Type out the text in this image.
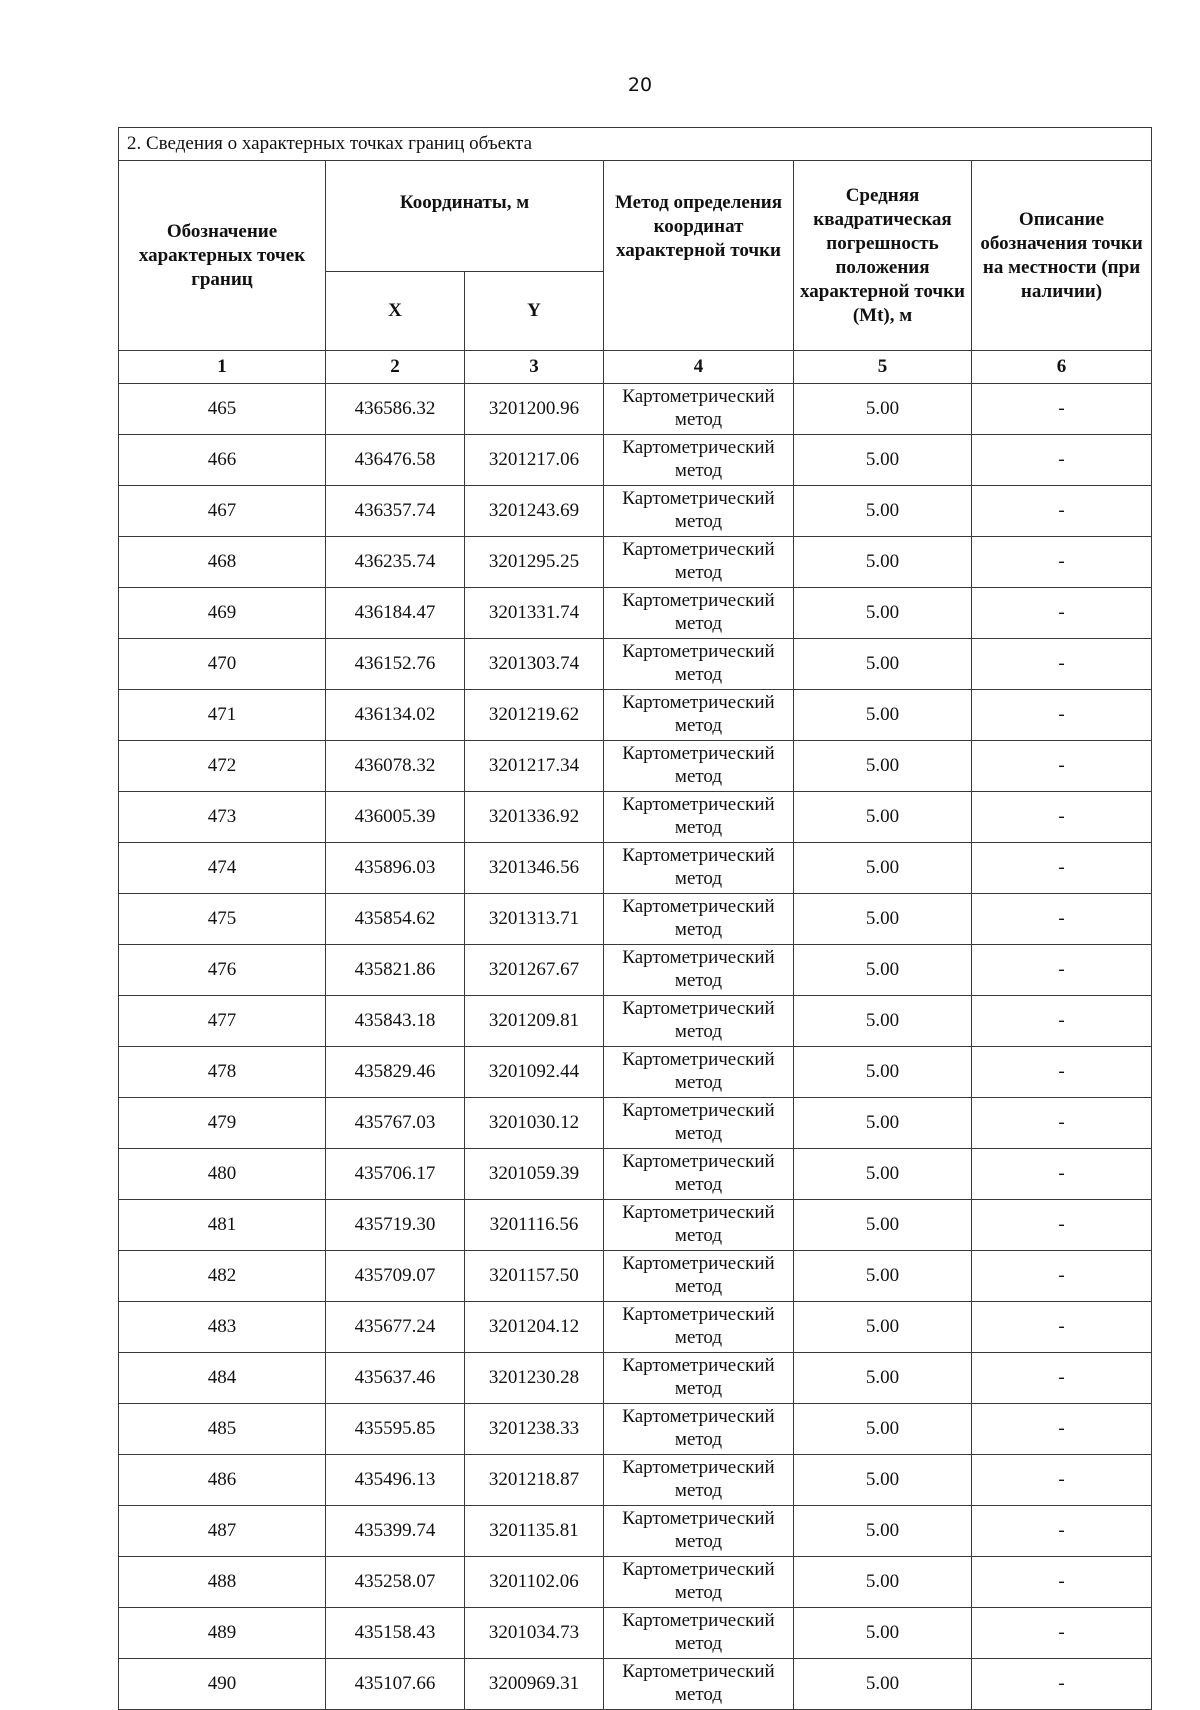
20
2. Сведения о характерных точках границ объекта					
Обозначение характерных точек границ	Координаты, м		Метод определения координат характерной точки	Средняя квадратическая погрешность положения характерной точки (Mt), м	Описание обозначения точки на местности (при наличии)
	X	Y			
1	2	3	4	5	6
465	436586.32	3201200.96	Картометрический метод	5.00	-
466	436476.58	3201217.06	Картометрический метод	5.00	-
467	436357.74	3201243.69	Картометрический метод	5.00	-
468	436235.74	3201295.25	Картометрический метод	5.00	-
469	436184.47	3201331.74	Картометрический метод	5.00	-
470	436152.76	3201303.74	Картометрический метод	5.00	-
471	436134.02	3201219.62	Картометрический метод	5.00	-
472	436078.32	3201217.34	Картометрический метод	5.00	-
473	436005.39	3201336.92	Картометрический метод	5.00	-
474	435896.03	3201346.56	Картометрический метод	5.00	-
475	435854.62	3201313.71	Картометрический метод	5.00	-
476	435821.86	3201267.67	Картометрический метод	5.00	-
477	435843.18	3201209.81	Картометрический метод	5.00	-
478	435829.46	3201092.44	Картометрический метод	5.00	-
479	435767.03	3201030.12	Картометрический метод	5.00	-
480	435706.17	3201059.39	Картометрический метод	5.00	-
481	435719.30	3201116.56	Картометрический метод	5.00	-
482	435709.07	3201157.50	Картометрический метод	5.00	-
483	435677.24	3201204.12	Картометрический метод	5.00	-
484	435637.46	3201230.28	Картометрический метод	5.00	-
485	435595.85	3201238.33	Картометрический метод	5.00	-
486	435496.13	3201218.87	Картометрический метод	5.00	-
487	435399.74	3201135.81	Картометрический метод	5.00	-
488	435258.07	3201102.06	Картометрический метод	5.00	-
489	435158.43	3201034.73	Картометрический метод	5.00	-
490	435107.66	3200969.31	Картометрический метод	5.00	-
